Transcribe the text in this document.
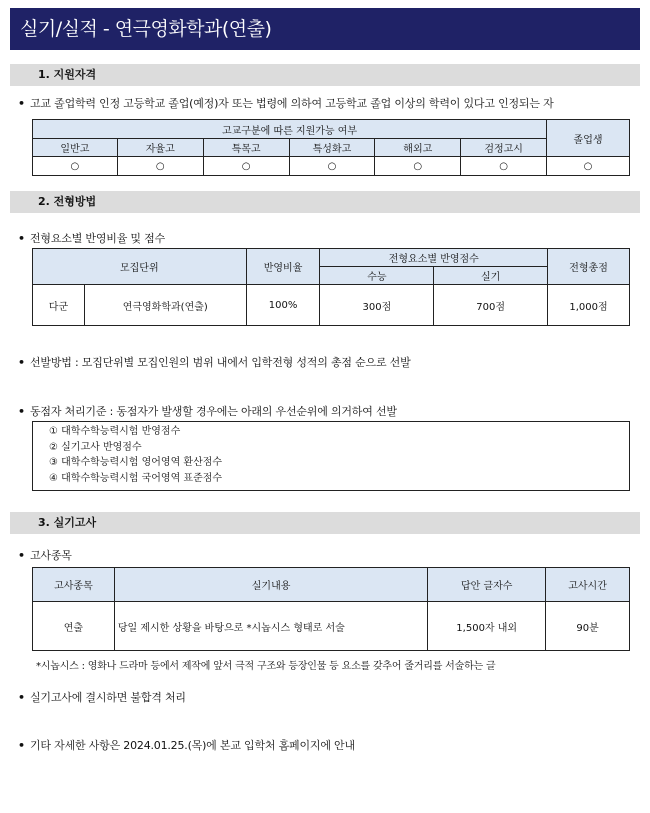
실기/실적 - 연극영화학과(연출)
1. 지원자격
• 고교 졸업학력 인정 고등학교 졸업(예정)자 또는 법령에 의하여 고등학교 졸업 이상의 학력이 있다고 인정되는 자
고교구분에 따른 지원가능 여부						졸업생
일반고	자율고	특목고	특성화고	해외고	검정고시	
○	○	○	○	○	○	○
2. 전형방법
• 전형요소별 반영비율 및 점수
모집단위		반영비율	전형요소별 반영점수		전형총점
			수능	실기	
다군	연극영화학과(연출)	100%	300점	700점	1,000점
• 선발방법 : 모집단위별 모집인원의 범위 내에서 입학전형 성적의 총점 순으로 선발
• 동점자 처리기준 : 동점자가 발생할 경우에는 아래의 우선순위에 의거하여 선발
① 대학수학능력시험 반영점수
② 실기고사 반영점수
③ 대학수학능력시험 영어영역 환산점수
④ 대학수학능력시험 국어영역 표준점수
3. 실기고사
• 고사종목
고사종목	실기내용	답안 글자수	고사시간
연출	당일 제시한 상황을 바탕으로 *시놉시스 형태로 서술	1,500자 내외	90분
*시놉시스 : 영화나 드라마 등에서 제작에 앞서 극적 구조와 등장인물 등 요소를 갖추어 줄거리를 서술하는 글
• 실기고사에 결시하면 불합격 처리
• 기타 자세한 사항은 2024.01.25.(목)에 본교 입학처 홈페이지에 안내
